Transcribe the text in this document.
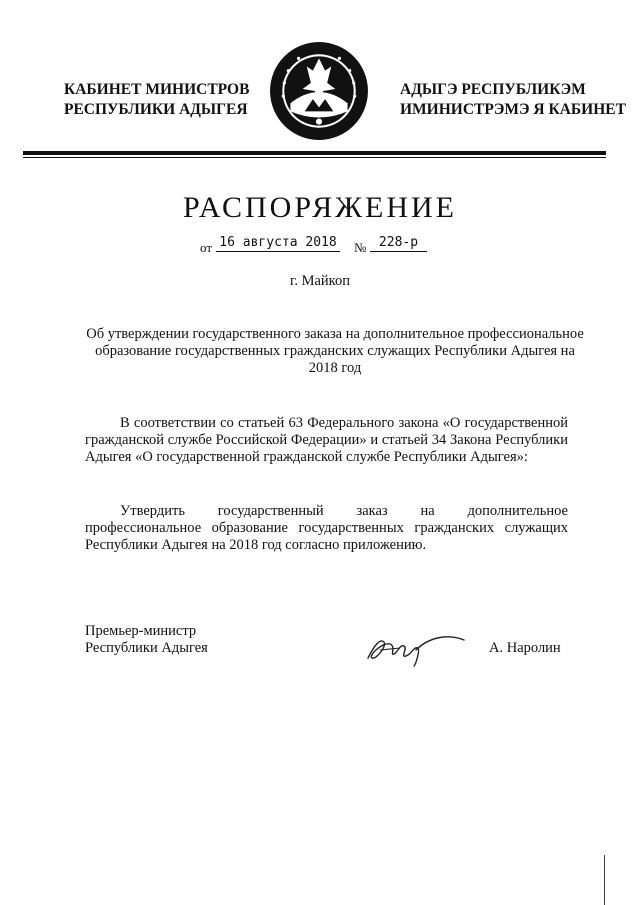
КАБИНЕТ МИНИСТРОВ
РЕСПУБЛИКИ АДЫГЕЯ
АДЫГЭ РЕСПУБЛИКЭМ
ИМИНИСТРЭМЭ Я КАБИНЕТ
РАСПОРЯЖЕНИЕ
от 16 августа 2018 № 228-р
г. Майкоп
Об утверждении государственного заказа на дополнительное профессиональное образование государственных гражданских служащих Республики Адыгея на 2018 год
В соответствии со статьей 63 Федерального закона «О государственной гражданской службе Российской Федерации» и статьей 34 Закона Республики Адыгея «О государственной гражданской службе Республики Адыгея»:
Утвердить государственный заказ на дополнительное профессиональное образование государственных гражданских служащих Республики Адыгея на 2018 год согласно приложению.
Премьер-министр
Республики Адыгея	А. Наролин
